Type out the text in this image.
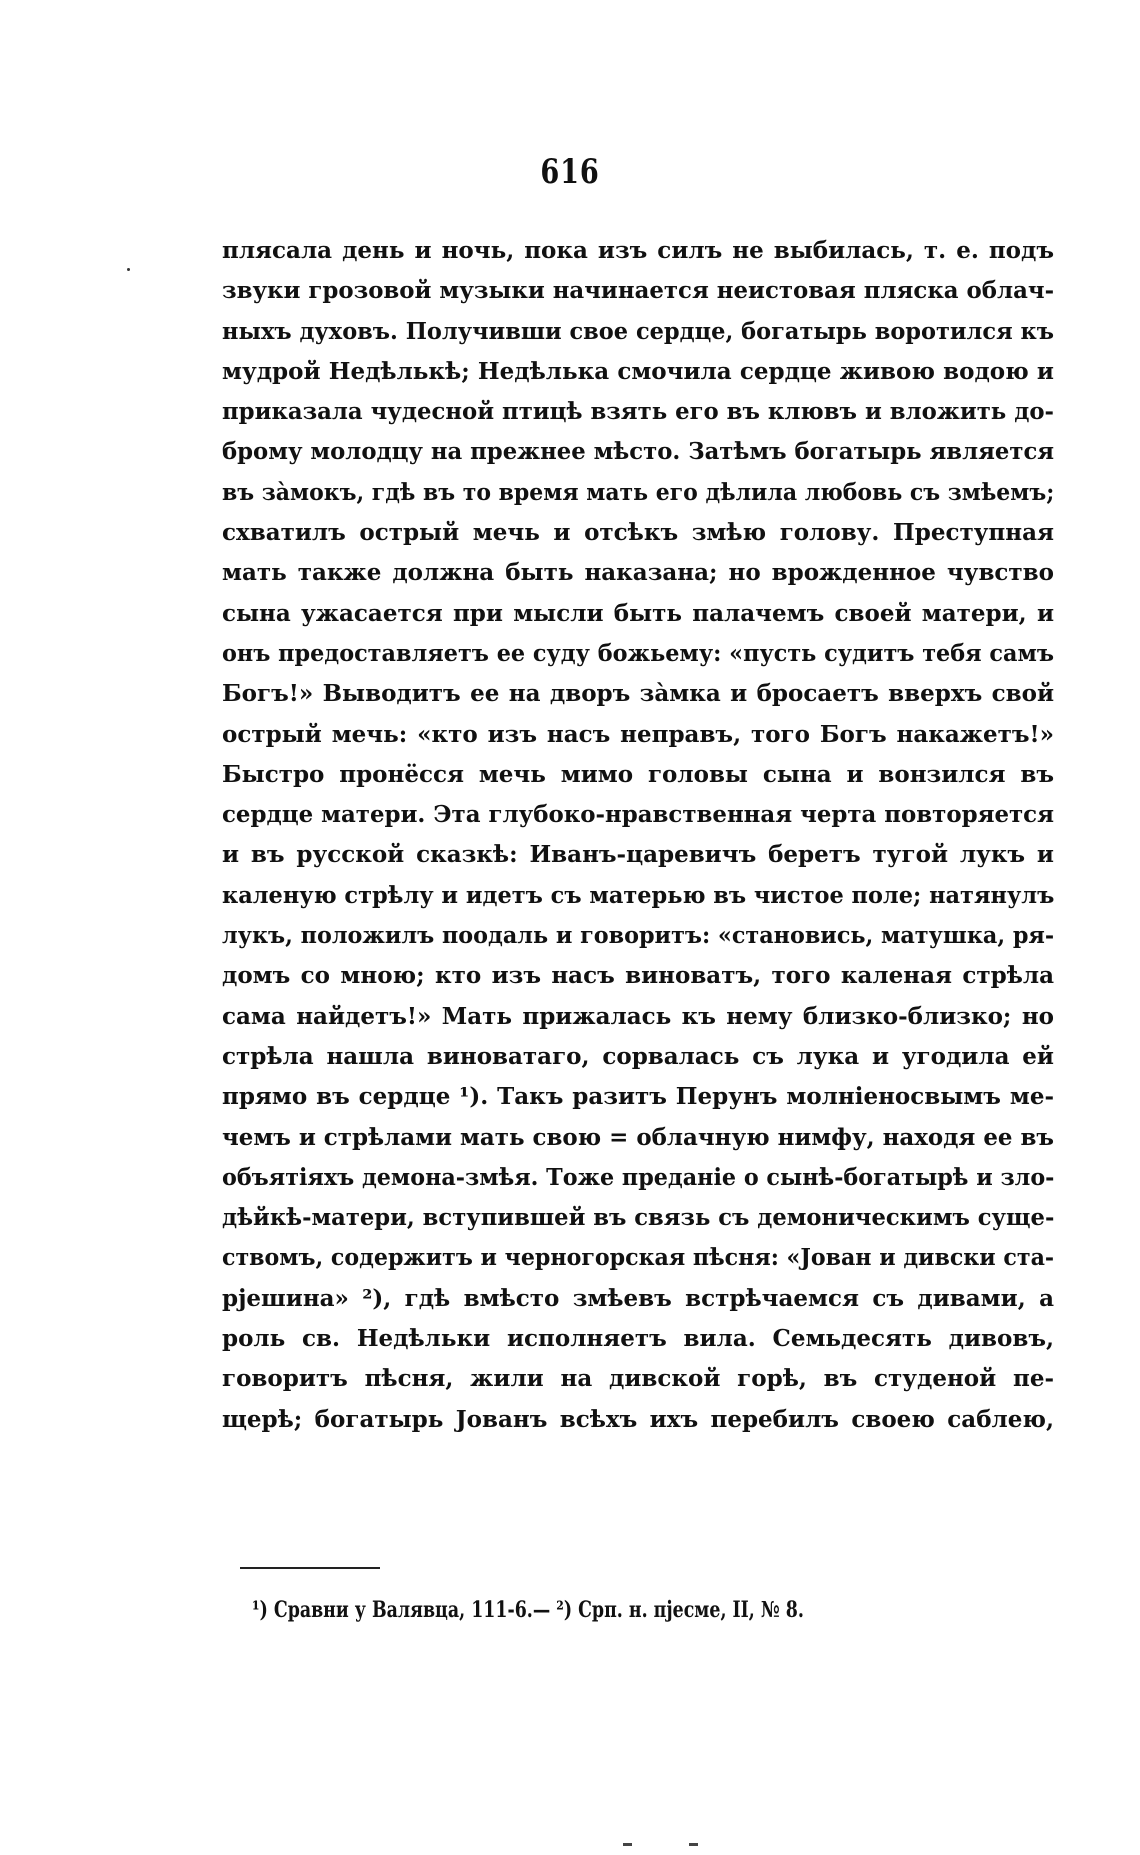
616
плясала день и ночь, пока изъ силъ не выбилась, т. е. подъ
звуки грозовой музыки начинается неистовая пляска облач-
ныхъ духовъ. Получивши свое сердце, богатырь воротился къ
мудрой Недѣлькѣ; Недѣлька смочила сердце живою водою и
приказала чудесной птицѣ взять его въ клювъ и вложить до-
брому молодцу на прежнее мѣсто. Затѣмъ богатырь является
въ зàмокъ, гдѣ въ то время мать его дѣлила любовь съ змѣемъ;
схватилъ острый мечь и отсѣкъ змѣю голову. Преступная
мать также должна быть наказана; но врожденное чувство
сына ужасается при мысли быть палачемъ своей матери, и
онъ предоставляетъ ее суду божьему: «пусть судитъ тебя самъ
Богъ!» Выводитъ ее на дворъ зàмка и бросаетъ вверхъ свой
острый мечь: «кто изъ насъ неправъ, того Богъ накажетъ!»
Быстро пронёсся мечь мимо головы сына и вонзился въ
сердце матери. Эта глубоко-нравственная черта повторяется
и въ русской сказкѣ: Иванъ-царевичъ беретъ тугой лукъ и
каленую стрѣлу и идетъ съ матерью въ чистое поле; натянулъ
лукъ, положилъ поодаль и говоритъ: «становись, матушка, ря-
домъ со мною; кто изъ насъ виноватъ, того каленая стрѣла
сама найдетъ!» Мать прижалась къ нему близко-близко; но
стрѣла нашла виноватаго, сорвалась съ лука и угодила ей
прямо въ сердце ¹). Такъ разитъ Перунъ молніеносвымъ ме-
чемъ и стрѣлами мать свою = облачную нимфу, находя ее въ
объятіяхъ демона-змѣя. Тоже преданіе о сынѣ-богатырѣ и зло-
дѣйкѣ-матери, вступившей въ связь съ демоническимъ суще-
ствомъ, содержитъ и черногорская пѣсня: «Jован и дивски ста-
рјешина» ²), гдѣ вмѣсто змѣевъ встрѣчаемся съ дивами, а
роль св. Недѣльки исполняетъ вила. Семьдесять дивовъ,
говоритъ пѣсня, жили на дивской горѣ, въ студеной пе-
щерѣ; богатырь Јованъ всѣхъ ихъ перебилъ своею саблею,
¹) Сравни у Валявца, 111-6.— ²) Срп. н. пјесме, II, № 8.
